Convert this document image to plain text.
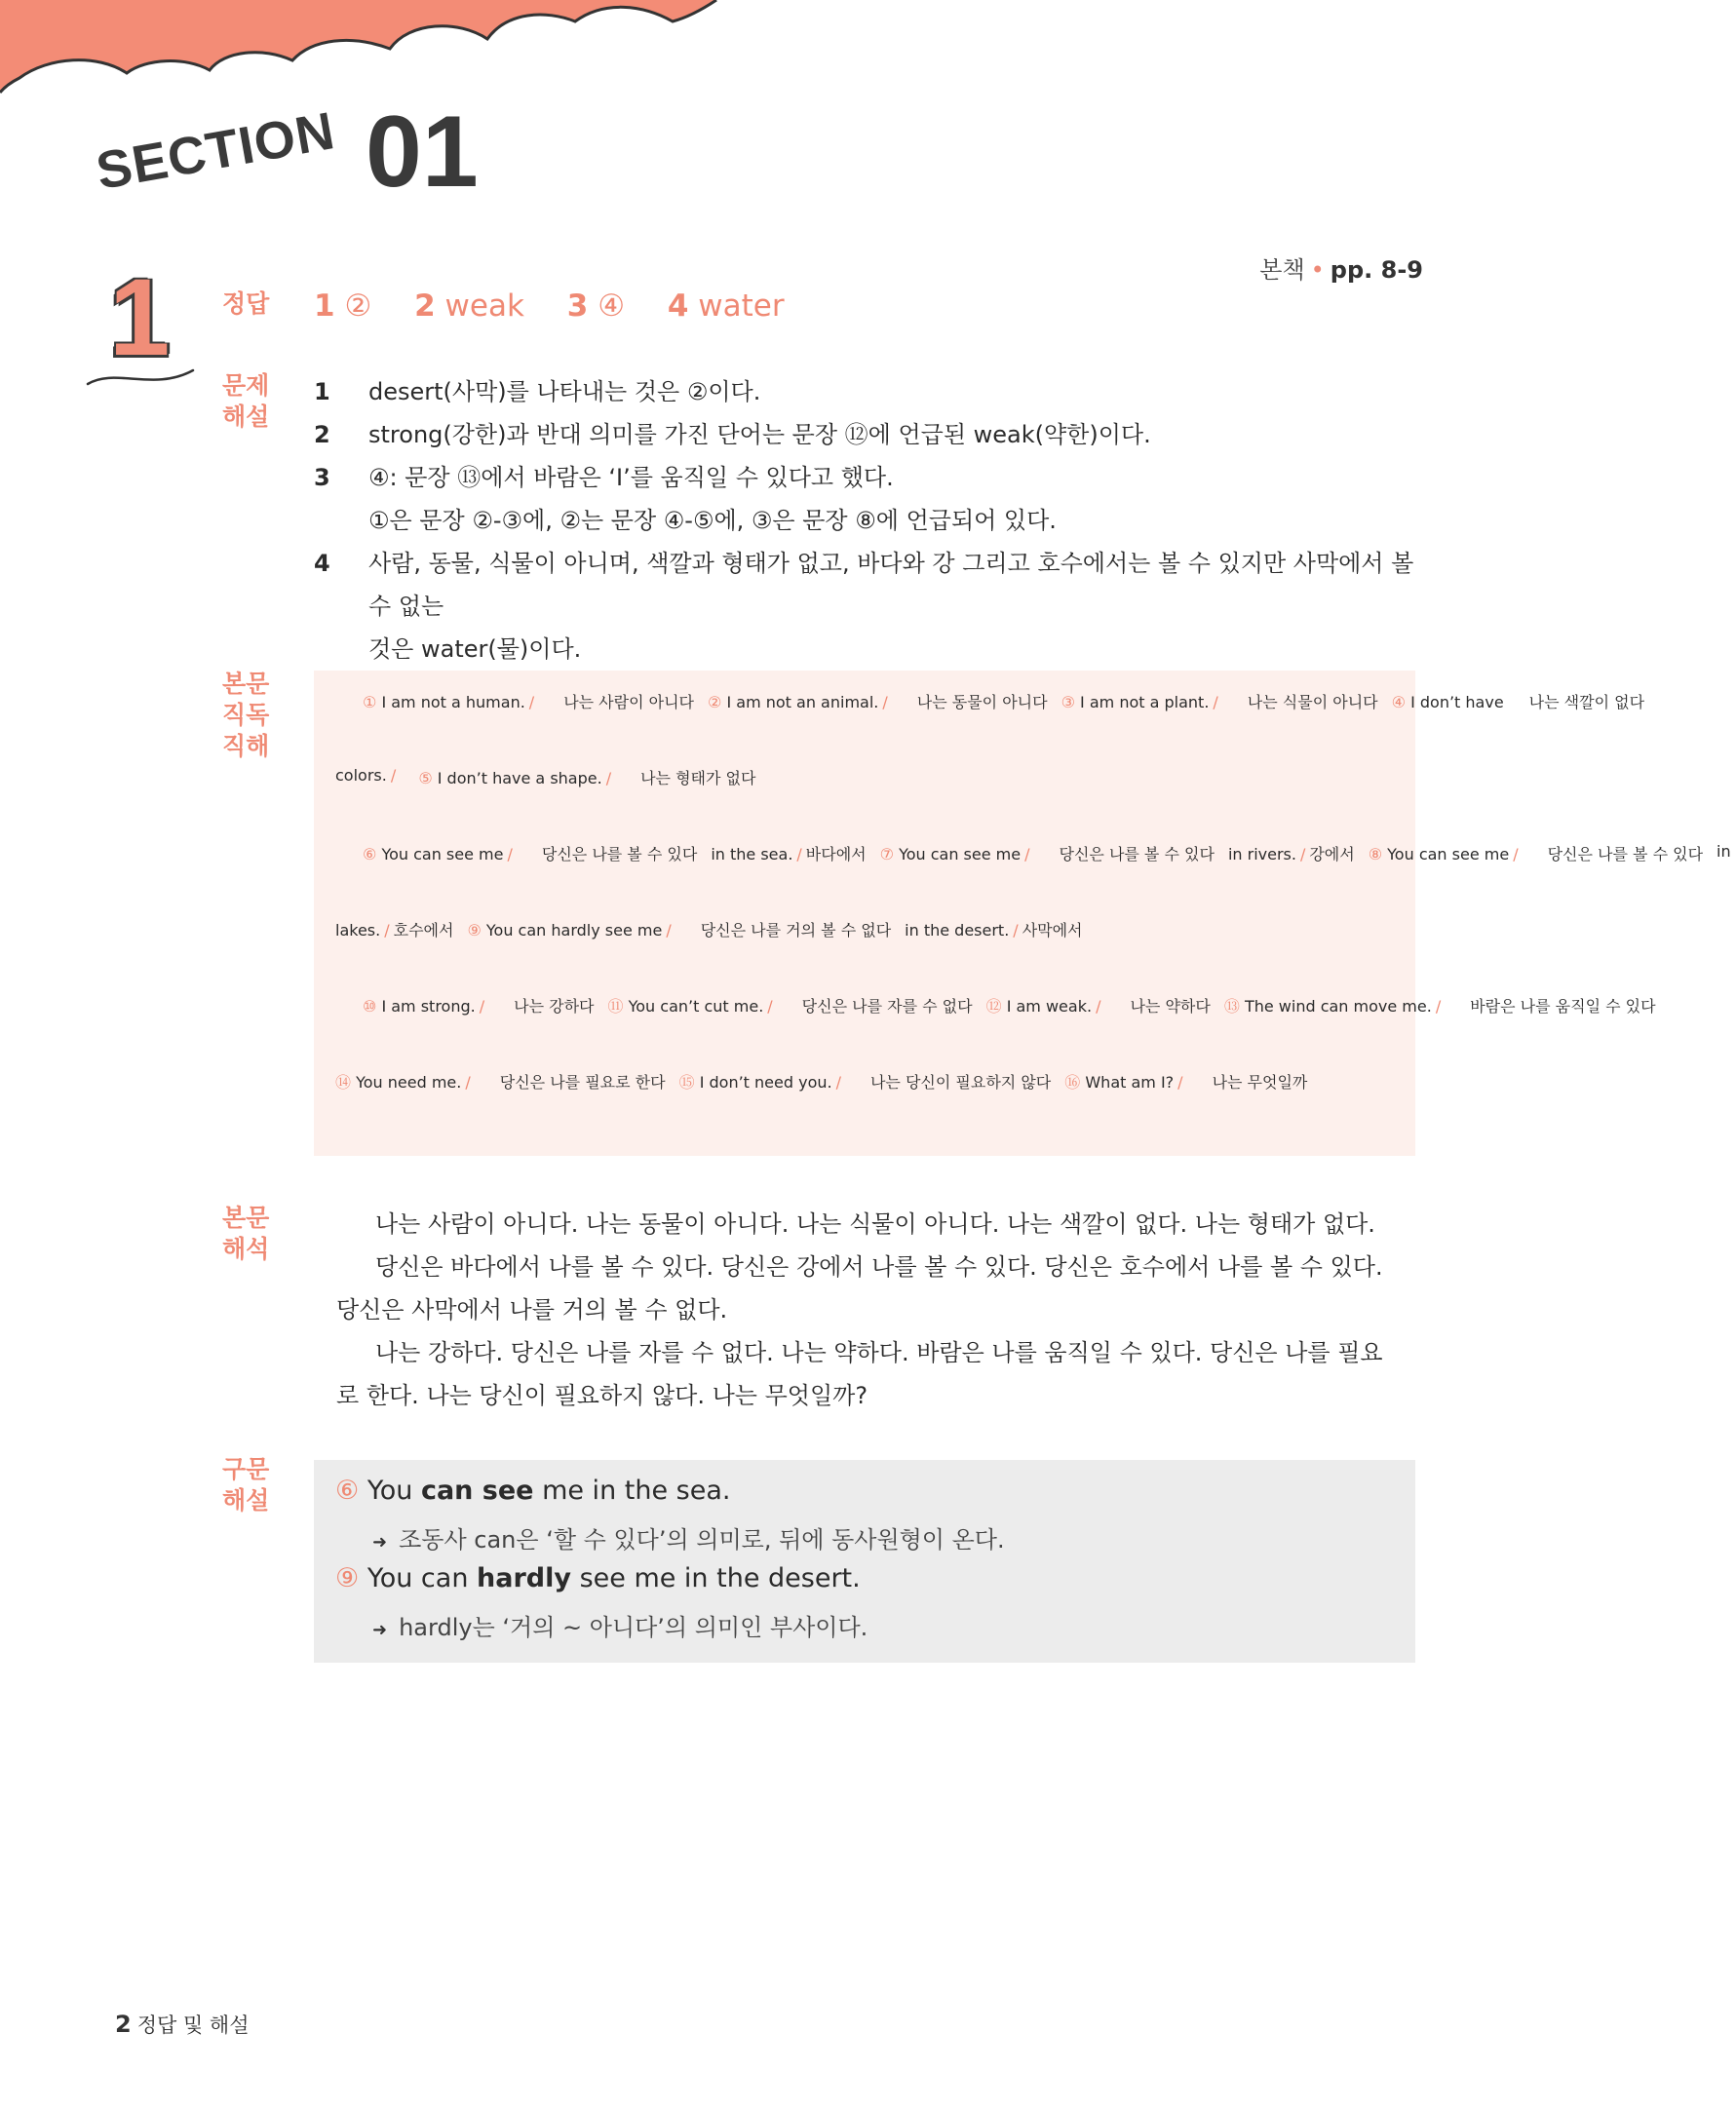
SECTION 01
본책 • pp. 8-9
1 정답
문제
해설
본문
직독
직해
본문
해석
구문
해설
1 ② 2 weak 3 ④ 4 water
1	desert(사막)를 나타내는 것은 ②이다.
2	strong(강한)과 반대 의미를 가진 단어는 문장 ⑫에 언급된 weak(약한)이다.
3	④: 문장 ⑬에서 바람은 ‘I’를 움직일 수 있다고 했다.
①은 문장 ②-③에, ②는 문장 ④-⑤에, ③은 문장 ⑧에 언급되어 있다.
4	사람, 동물, 식물이 아니며, 색깔과 형태가 없고, 바다와 강 그리고 호수에서는 볼 수 있지만 사막에서 볼 수 없는
것은 water(물)이다.
① I am not a human. / 나는 사람이 아니다 ② I am not an animal. / 나는 동물이 아니다 ③ I am not a plant. / 나는 식물이 아니다 ④ I don’t have 나는 색깔이 없다
colors. /	⑤ I don’t have a shape. / 나는 형태가 없다
⑥ You can see me / 당신은 나를 볼 수 있다 in the sea. / 바다에서 ⑦ You can see me / 당신은 나를 볼 수 있다 in rivers. / 강에서 ⑧ You can see me / 당신은 나를 볼 수 있다 in
lakes. / 호수에서 ⑨ You can hardly see me / 당신은 나를 거의 볼 수 없다 in the desert. / 사막에서
⑩ I am strong. / 나는 강하다 ⑪ You can’t cut me. / 당신은 나를 자를 수 없다 ⑫ I am weak. / 나는 약하다 ⑬ The wind can move me. / 바람은 나를 움직일 수 있다
⑭ You need me. / 당신은 나를 필요로 한다 ⑮ I don’t need you. / 나는 당신이 필요하지 않다 ⑯ What am I? / 나는 무엇일까

나는 사람이 아니다. 나는 동물이 아니다. 나는 식물이 아니다. 나는 색깔이 없다. 나는 형태가 없다.

당신은 바다에서 나를 볼 수 있다. 당신은 강에서 나를 볼 수 있다. 당신은 호수에서 나를 볼 수 있다. 당신은 사막에서 나를 거의 볼 수 없다.

나는 강하다. 당신은 나를 자를 수 없다. 나는 약하다. 바람은 나를 움직일 수 있다. 당신은 나를 필요로 한다. 나는 당신이 필요하지 않다. 나는 무엇일까?

⑥ You can see me in the sea.
➜ 조동사 can은 ‘할 수 있다’의 의미로, 뒤에 동사원형이 온다.
⑨ You can hardly see me in the desert.
➜ hardly는 ‘거의 ~ 아니다’의 의미인 부사이다.
2 정답 및 해설
